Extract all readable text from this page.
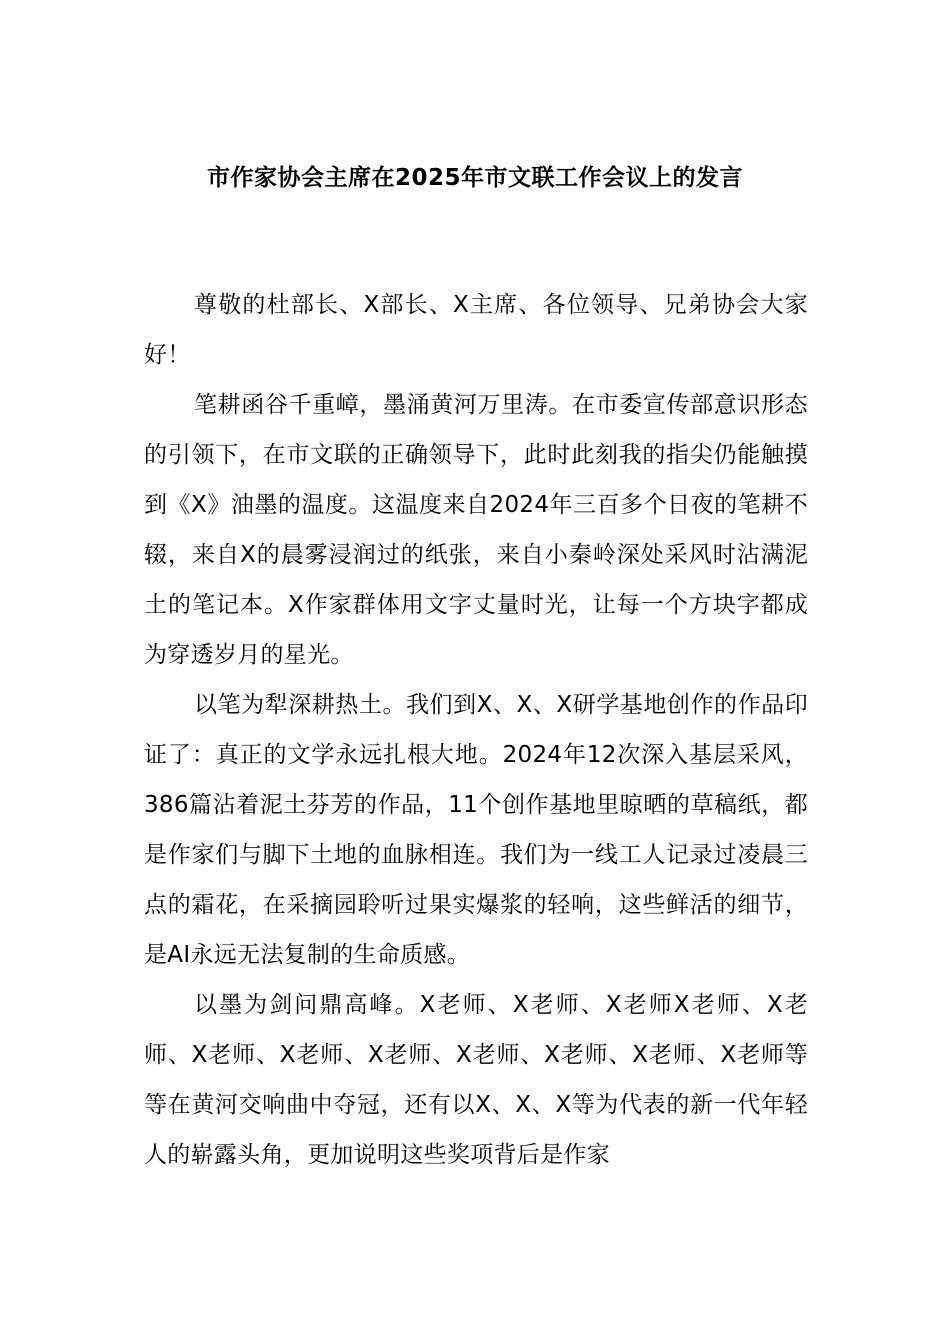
市作家协会主席在2025年市文联工作会议上的发言

尊敬的杜部长、X部长、X主席、各位领导、兄弟协会大家好！

笔耕函谷千重嶂，墨涌黄河万里涛。在市委宣传部意识形态的引领下，在市文联的正确领导下，此时此刻我的指尖仍能触摸到《X》油墨的温度。这温度来自2024年三百多个日夜的笔耕不辍，来自X的晨雾浸润过的纸张，来自小秦岭深处采风时沾满泥土的笔记本。X作家群体用文字丈量时光，让每一个方块字都成为穿透岁月的星光。

以笔为犁深耕热土。我们到X、X、X研学基地创作的作品印证了：真正的文学永远扎根大地。2024年12次深入基层采风，386篇沾着泥土芬芳的作品，11个创作基地里晾晒的草稿纸，都是作家们与脚下土地的血脉相连。我们为一线工人记录过凌晨三点的霜花，在采摘园聆听过果实爆浆的轻响，这些鲜活的细节，是AI永远无法复制的生命质感。

以墨为剑问鼎高峰。X老师、X老师、X老师X老师、X老师、X老师、X老师、X老师、X老师、X老师、X老师、X老师等等在黄河交响曲中夺冠，还有以X、X、X等为代表的新一代年轻人的崭露头角，更加说明这些奖项背后是作家
